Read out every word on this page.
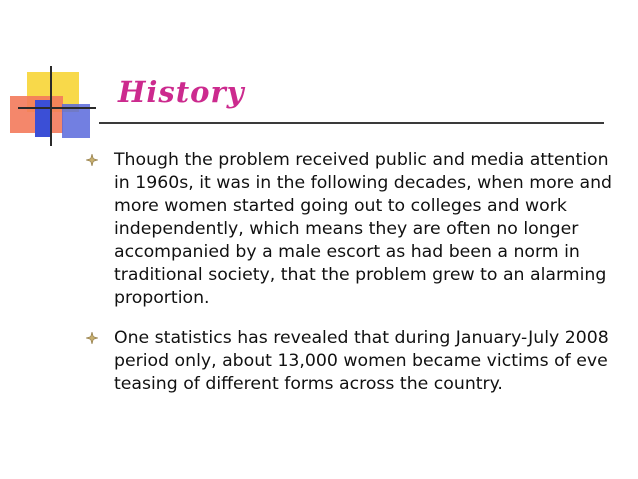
History
Though the problem received public and media attention in 1960s, it was in the following decades, when more and more women started going out to colleges and work independently, which means they are often no longer accompanied by a male escort as had been a norm in traditional society, that the problem grew to an alarming proportion.
One statistics has revealed that during January-July 2008 period only, about 13,000 women became victims of eve teasing of different forms across the country.
